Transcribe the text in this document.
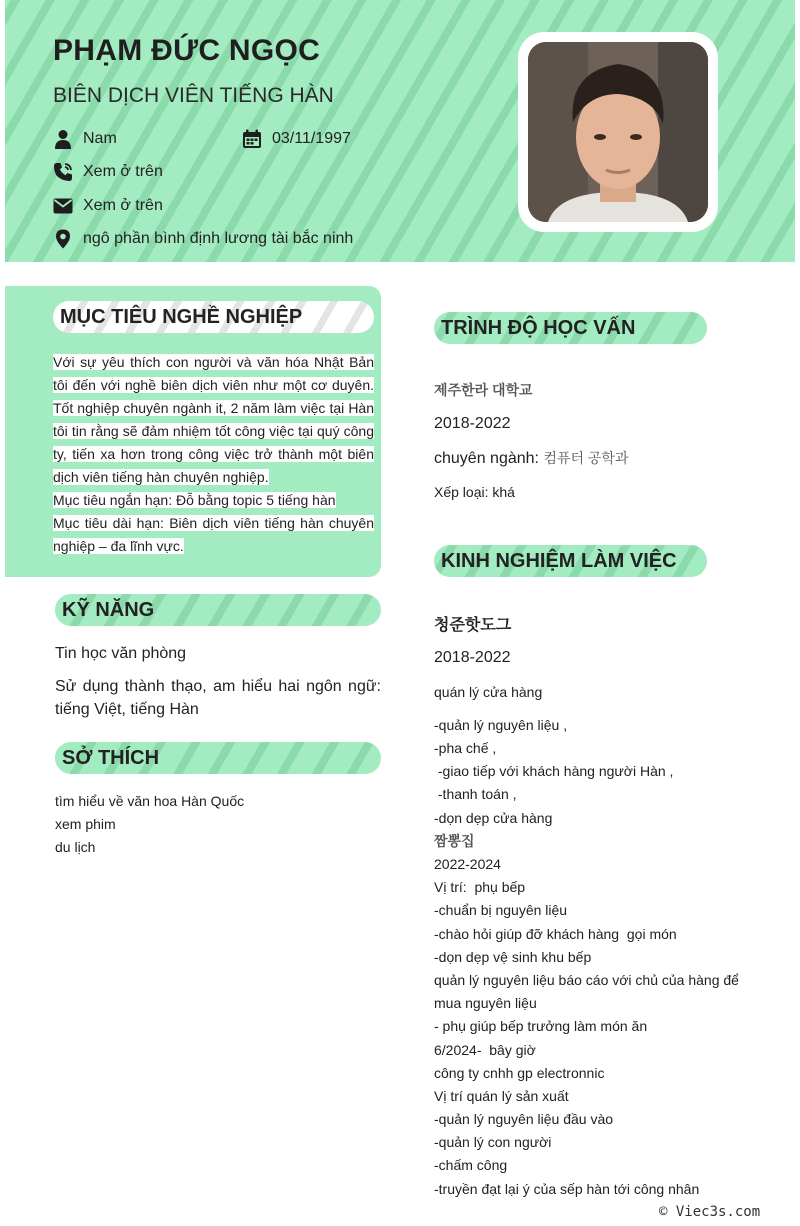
PHẠM ĐỨC NGỌC
BIÊN DỊCH VIÊN TIẾNG HÀN
Nam	03/11/1997
Xem ở trên
Xem ở trên
ngô phần bình định lương tài bắc ninh
MỤC TIÊU NGHỀ NGHIỆP

Với sự yêu thích con người và văn hóa Nhật Bản tôi đến với nghề biên dịch viên như một cơ duyên. Tốt nghiệp chuyên ngành it, 2 năm làm việc tại Hàn tôi tin rằng sẽ đảm nhiệm tốt công việc tại quý công ty, tiến xa hơn trong công việc trở thành một biên dịch viên tiếng hàn chuyên nghiệp.

Mục tiêu ngắn hạn: Đỗ bằng topic 5 tiếng hàn

Mục tiêu dài hạn: Biên dịch viên tiếng hàn chuyên nghiệp – đa lĩnh vực.

KỸ NĂNG
Tin học văn phòng
Sử dụng thành thạo, am hiểu hai ngôn ngữ: tiếng Việt, tiếng Hàn
SỞ THÍCH
tìm hiểu về văn hoa Hàn Quốc
xem phim
du lịch
TRÌNH ĐỘ HỌC VẤN
제주한라 대학교
2018-2022
chuyên ngành: 컴퓨터 공학과
Xếp loại: khá
KINH NGHIỆM LÀM VIỆC
청준핫도그
2018-2022
quán lý cửa hàng
-quản lý nguyên liệu ,
-pha chế ,
-giao tiếp với khách hàng người Hàn ,
-thanh toán ,
-dọn dẹp cửa hàng
짬뽕집
2022-2024
Vị trí:  phụ bếp
-chuẩn bị nguyên liệu
-chào hỏi giúp đỡ khách hàng  gọi món
-dọn dẹp vệ sinh khu bếp
quản lý nguyên liệu báo cáo với chủ của hàng để
mua nguyên liệu
- phụ giúp bếp trưởng làm món ăn
6/2024-  bây giờ
công ty cnhh gp electronnic
Vị trí quán lý sản xuất
-quản lý nguyên liệu đầu vào
-quản lý con người
-chấm công
-truyền đạt lại ý của sếp hàn tới công nhân
© Viec3s.com
